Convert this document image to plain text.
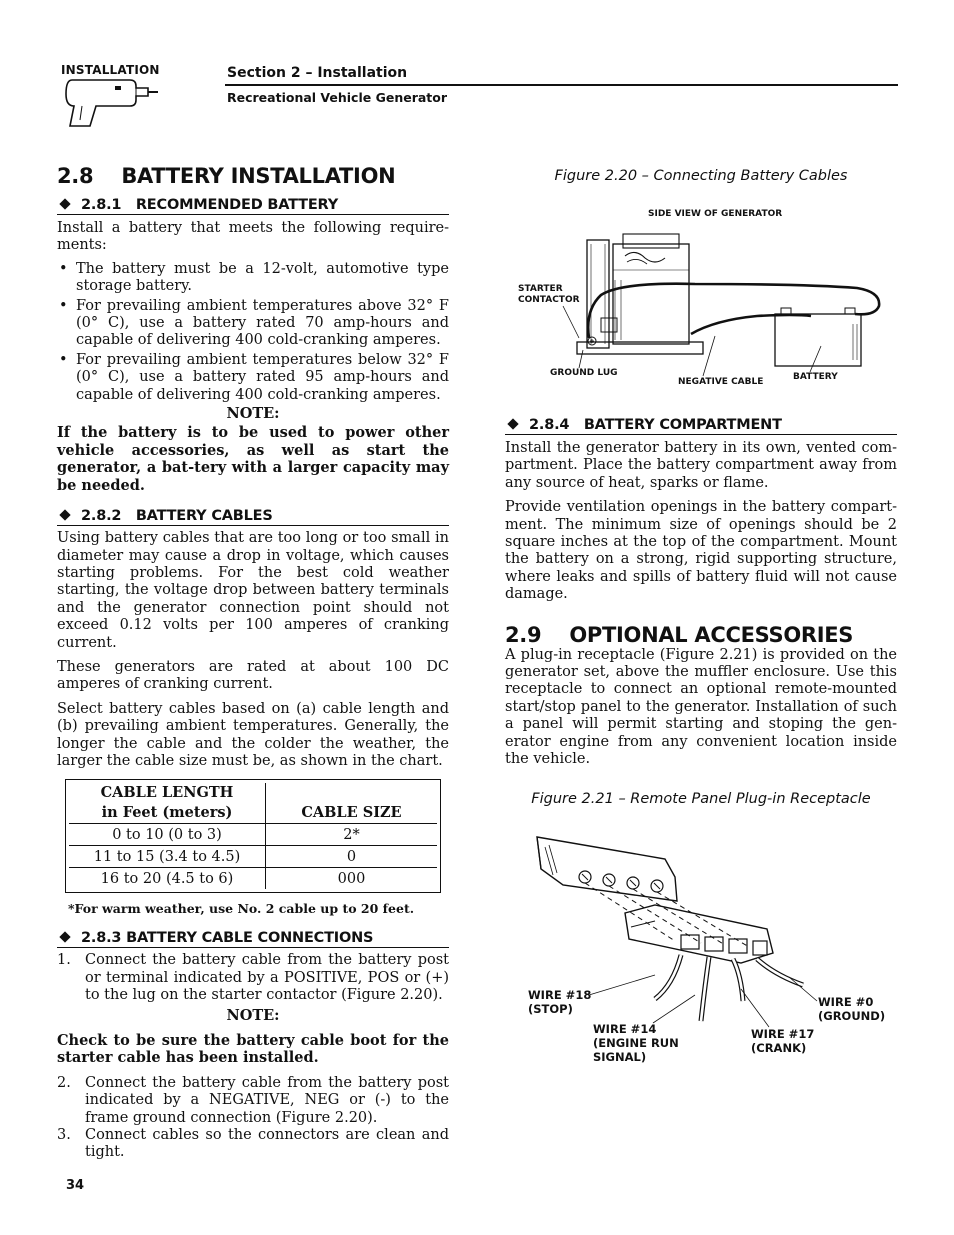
INSTALLATION	Section 2 – Installation
Recreational Vehicle Generator
2.8    BATTERY INSTALLATION
2.8.1   RECOMMENDED BATTERY
Install a battery that meets the following require-ments:
• The battery must be a 12-volt, automotive type storage battery.
• For prevailing ambient temperatures above 32° F (0° C), use a battery rated 70 amp-hours and capable of delivering 400 cold-cranking amperes.
• For prevailing ambient temperatures below 32° F (0° C), use a battery rated 95 amp-hours and capable of delivering 400 cold-cranking amperes.
NOTE:
If the battery is to be used to power other vehicle accessories, as well as start the generator, a bat-tery with a larger capacity may be needed.
2.8.2   BATTERY CABLES
Using battery cables that are too long or too small in diameter may cause a drop in voltage, which causes starting problems. For the best cold weather starting, the voltage drop between battery terminals and the generator connection point should not exceed 0.12 volts per 100 amperes of cranking current.
These generators are rated at about 100 DC amperes of cranking current.
Select battery cables based on (a) cable length and (b) prevailing ambient temperatures. Generally, the longer the cable and the colder the weather, the larger the cable size must be, as shown in the chart.
CABLE LENGTH
in Feet (meters)	CABLE SIZE

0 to 10 (0 to 3)	2*
11 to 15 (3.4 to 4.5)	0
16 to 20 (4.5 to 6)	000
*For warm weather, use No. 2 cable up to 20 feet.
2.8.3 BATTERY CABLE CONNECTIONS
1. Connect the battery cable from the battery post or terminal indicated by a POSITIVE, POS or (+) to the lug on the starter contactor (Figure 2.20).
NOTE:
Check to be sure the battery cable boot for the starter cable has been installed.
2. Connect the battery cable from the battery post indicated by a NEGATIVE, NEG or (-) to the frame ground connection (Figure 2.20).
3. Connect cables so the connectors are clean and tight.
Figure 2.20 – Connecting Battery Cables
SIDE VIEW OF GENERATOR
STARTER
CONTACTOR
GROUND LUG
NEGATIVE CABLE	BATTERY
2.8.4   BATTERY COMPARTMENT
Install the generator battery in its own, vented com-partment. Place the battery compartment away from any source of heat, sparks or flame.
Provide ventilation openings in the battery compart-ment. The minimum size of openings should be 2 square inches at the top of the compartment. Mount the battery on a strong, rigid supporting structure, where leaks and spills of battery fluid will not cause damage.
2.9    OPTIONAL ACCESSORIES
A plug-in receptacle (Figure 2.21) is provided on the generator set, above the muffler enclosure. Use this receptacle to connect an optional remote-mounted start/stop panel to the generator. Installation of such a panel will permit starting and stoping the gen-erator engine from any convenient location inside the vehicle.
Figure 2.21 – Remote Panel Plug-in Receptacle
WIRE #18
(STOP)
WIRE #14
(ENGINE RUN
SIGNAL)
WIRE #17
(CRANK)
WIRE #0
(GROUND)
34
